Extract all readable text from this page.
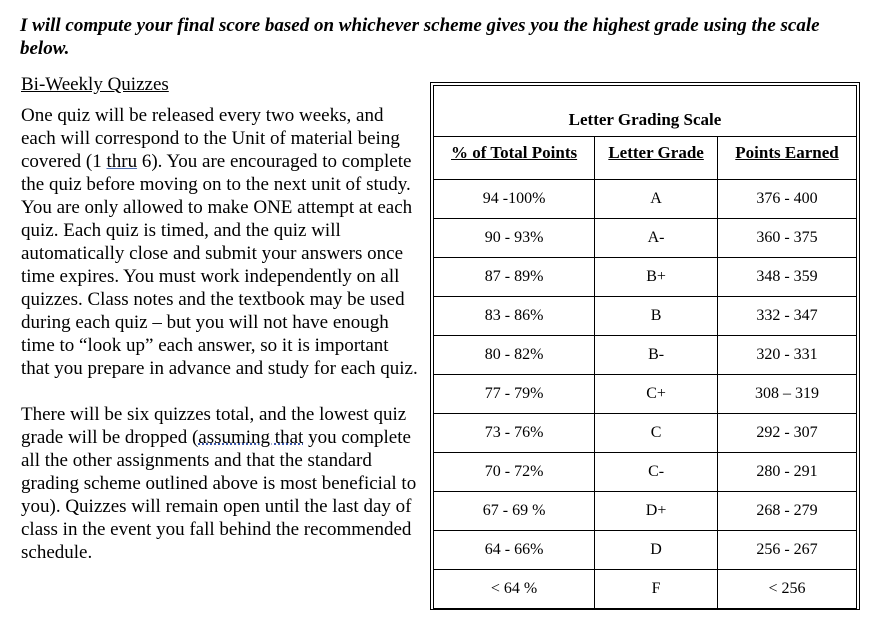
I will compute your final score based on whichever scheme gives you the highest grade using the scale below.

Bi-Weekly Quizzes

One quiz will be released every two weeks, and each will correspond to the Unit of material being covered (1 thru 6). You are encouraged to complete the quiz before moving on to the next unit of study. You are only allowed to make ONE attempt at each quiz. Each quiz is timed, and the quiz will automatically close and submit your answers once time expires. You must work independently on all quizzes. Class notes and the textbook may be used during each quiz – but you will not have enough time to “look up” each answer, so it is important that you prepare in advance and study for each quiz.

There will be six quizzes total, and the lowest quiz grade will be dropped (assuming that you complete all the other assignments and that the standard grading scheme outlined above is most beneficial to you). Quizzes will remain open until the last day of class in the event you fall behind the recommended schedule.

Letter Grading Scale		
% of Total Points	Letter Grade	Points Earned
94 -100%	A	376 - 400
90 - 93%	A-	360 - 375
87 - 89%	B+	348 - 359
83 - 86%	B	332 - 347
80 - 82%	B-	320 - 331
77 - 79%	C+	308 – 319
73 - 76%	C	292 - 307
70 - 72%	C-	280 - 291
67 - 69 %	D+	268 - 279
64 - 66%	D	256 - 267
< 64 %	F	< 256
